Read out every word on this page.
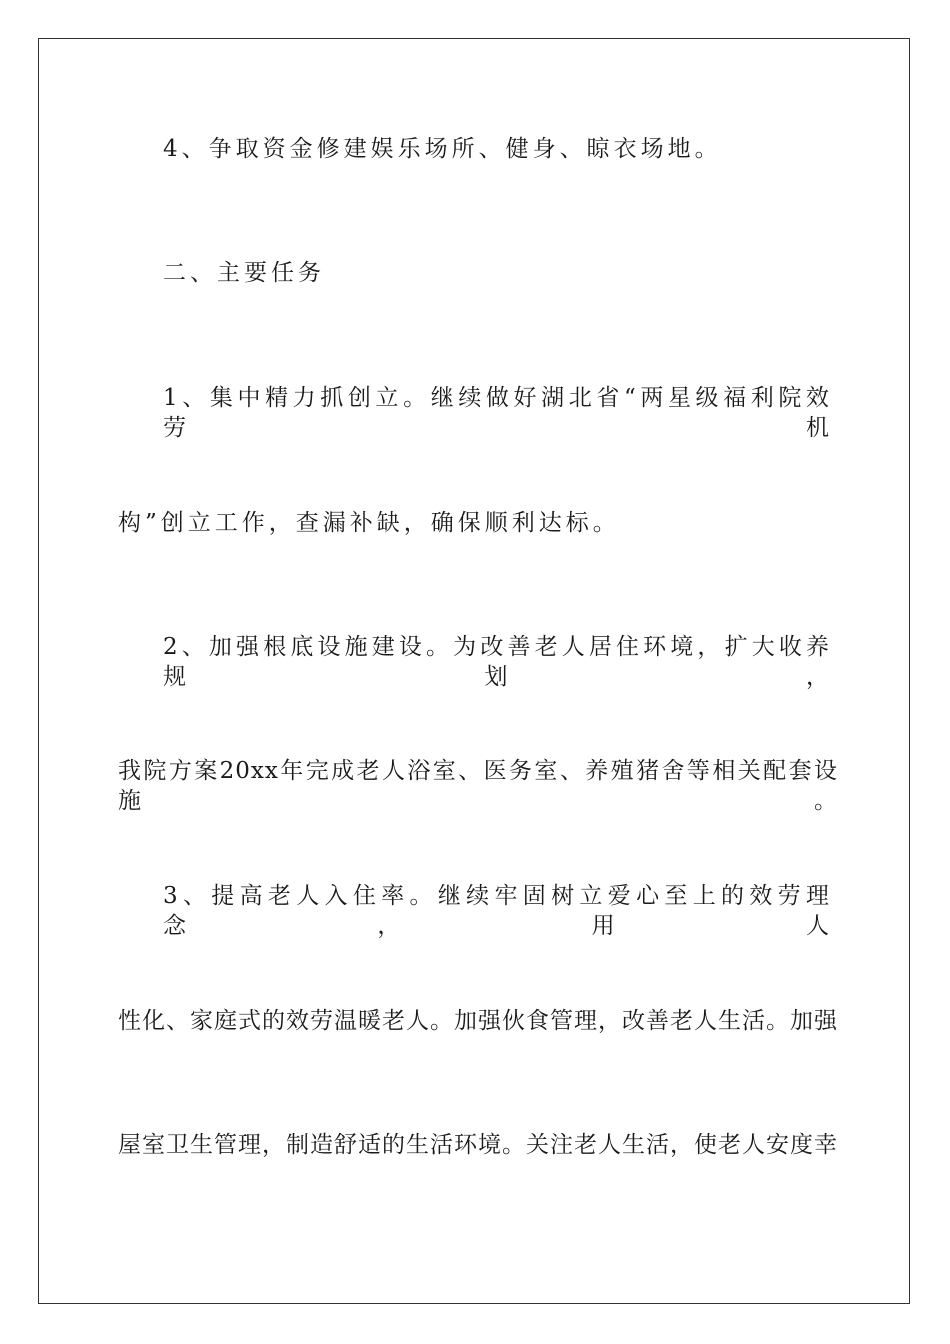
4、争取资金修建娱乐场所、健身、晾衣场地。
二、主要任务
1、集中精力抓创立。继续做好湖北省“两星级福利院效劳机
构”创立工作，查漏补缺，确保顺利达标。
2、加强根底设施建设。为改善老人居住环境，扩大收养规划，
我院方案20xx年完成老人浴室、医务室、养殖猪舍等相关配套设施。
3、提高老人入住率。继续牢固树立爱心至上的效劳理念，用人
性化、家庭式的效劳温暖老人。加强伙食管理，改善老人生活。加强
屋室卫生管理，制造舒适的生活环境。关注老人生活，使老人安度幸
